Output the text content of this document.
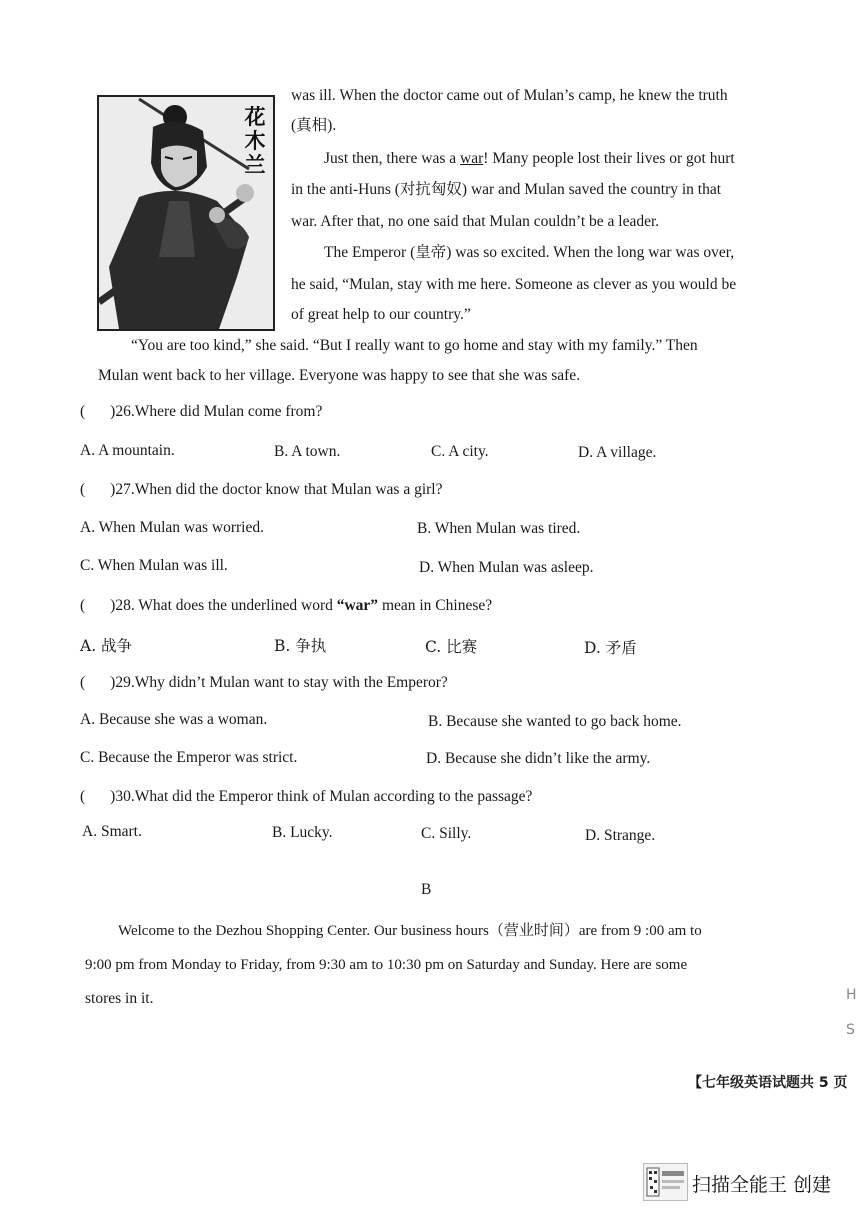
花木兰
was ill. When the doctor came out of Mulan’s camp, he knew the truth
(真相).
Just then, there was a war! Many people lost their lives or got hurt
in the anti-Huns (对抗匈奴) war and Mulan saved the country in that
war. After that, no one said that Mulan couldn’t be a leader.
The Emperor (皇帝) was so excited. When the long war was over,
he said, “Mulan, stay with me here. Someone as clever as you would be
of great help to our country.”
“You are too kind,” she said. “But I really want to go home and stay with my family.” Then
Mulan went back to her village. Everyone was happy to see that she was safe.
( )26.Where did Mulan come from?
A. A mountain.	B. A town.	C. A city.	D. A village.
( )27.When did the doctor know that Mulan was a girl?
A. When Mulan was worried.	B. When Mulan was tired.
C. When Mulan was ill.	D. When Mulan was asleep.
( )28. What does the underlined word “war” mean in Chinese?
A. 战争	B. 争执	C. 比赛	D. 矛盾
( )29.Why didn’t Mulan want to stay with the Emperor?
A. Because she was a woman.	B. Because she wanted to go back home.
C. Because the Emperor was strict.	D. Because she didn’t like the army.
( )30.What did the Emperor think of Mulan according to the passage?
A. Smart.	B. Lucky.	C. Silly.	D. Strange.
B
Welcome to the Dezhou Shopping Center. Our business hours（营业时间）are from 9 :00 am to
9:00 pm from Monday to Friday, from 9:30 am to 10:30 pm on Saturday and Sunday. Here are some
stores in it.	H
S
【七年级英语试题共 5 页
扫描全能王 创建
